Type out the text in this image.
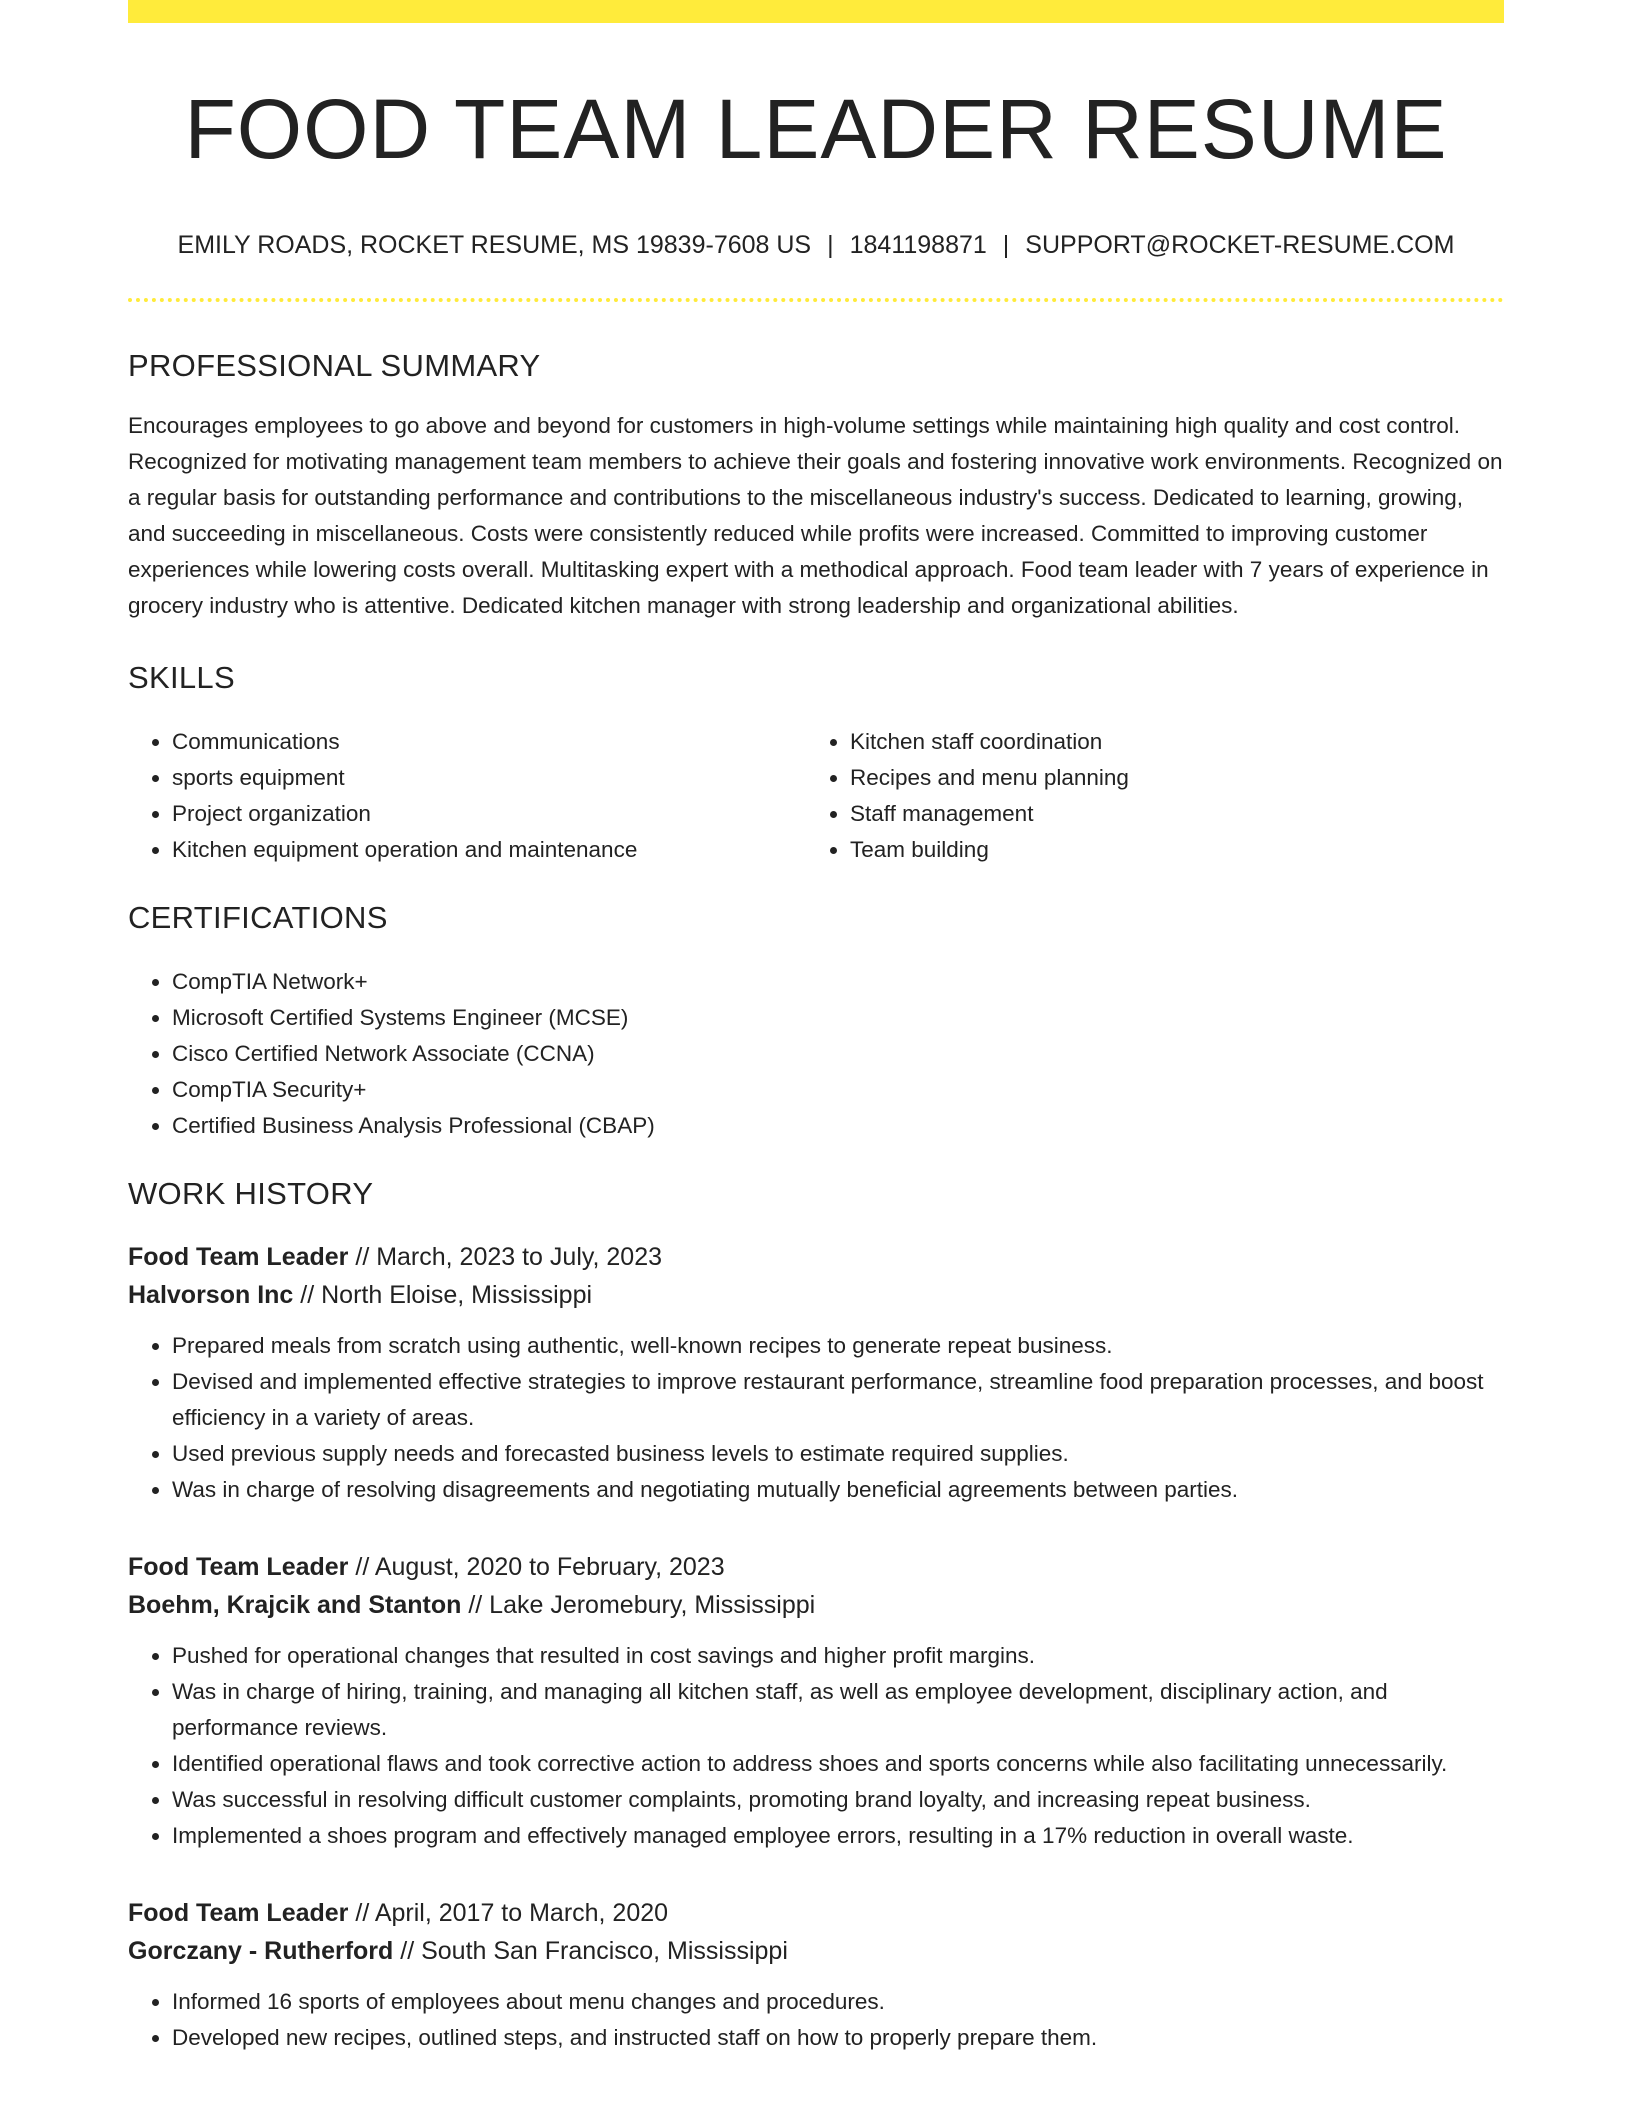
FOOD TEAM LEADER RESUME
EMILY ROADS, ROCKET RESUME, MS 19839-7608 US | 1841198871 | SUPPORT@ROCKET-RESUME.COM
PROFESSIONAL SUMMARY

Encourages employees to go above and beyond for customers in high-volume settings while maintaining high quality and cost control. Recognized for motivating management team members to achieve their goals and fostering innovative work environments. Recognized on a regular basis for outstanding performance and contributions to the miscellaneous industry's success. Dedicated to learning, growing, and succeeding in miscellaneous. Costs were consistently reduced while profits were increased. Committed to improving customer experiences while lowering costs overall. Multitasking expert with a methodical approach. Food team leader with 7 years of experience in grocery industry who is attentive. Dedicated kitchen manager with strong leadership and organizational abilities.

SKILLS
• Communications
• sports equipment
• Project organization
• Kitchen equipment operation and maintenance
• Kitchen staff coordination
• Recipes and menu planning
• Staff management
• Team building
CERTIFICATIONS
• CompTIA Network+
• Microsoft Certified Systems Engineer (MCSE)
• Cisco Certified Network Associate (CCNA)
• CompTIA Security+
• Certified Business Analysis Professional (CBAP)
WORK HISTORY
Food Team Leader // March, 2023 to July, 2023
Halvorson Inc // North Eloise, Mississippi
• Prepared meals from scratch using authentic, well-known recipes to generate repeat business.
• Devised and implemented effective strategies to improve restaurant performance, streamline food preparation processes, and boost efficiency in a variety of areas.
• Used previous supply needs and forecasted business levels to estimate required supplies.
• Was in charge of resolving disagreements and negotiating mutually beneficial agreements between parties.
Food Team Leader // August, 2020 to February, 2023
Boehm, Krajcik and Stanton // Lake Jeromebury, Mississippi
• Pushed for operational changes that resulted in cost savings and higher profit margins.
• Was in charge of hiring, training, and managing all kitchen staff, as well as employee development, disciplinary action, and performance reviews.
• Identified operational flaws and took corrective action to address shoes and sports concerns while also facilitating unnecessarily.
• Was successful in resolving difficult customer complaints, promoting brand loyalty, and increasing repeat business.
• Implemented a shoes program and effectively managed employee errors, resulting in a 17% reduction in overall waste.
Food Team Leader // April, 2017 to March, 2020
Gorczany - Rutherford // South San Francisco, Mississippi
• Informed 16 sports of employees about menu changes and procedures.
• Developed new recipes, outlined steps, and instructed staff on how to properly prepare them.
